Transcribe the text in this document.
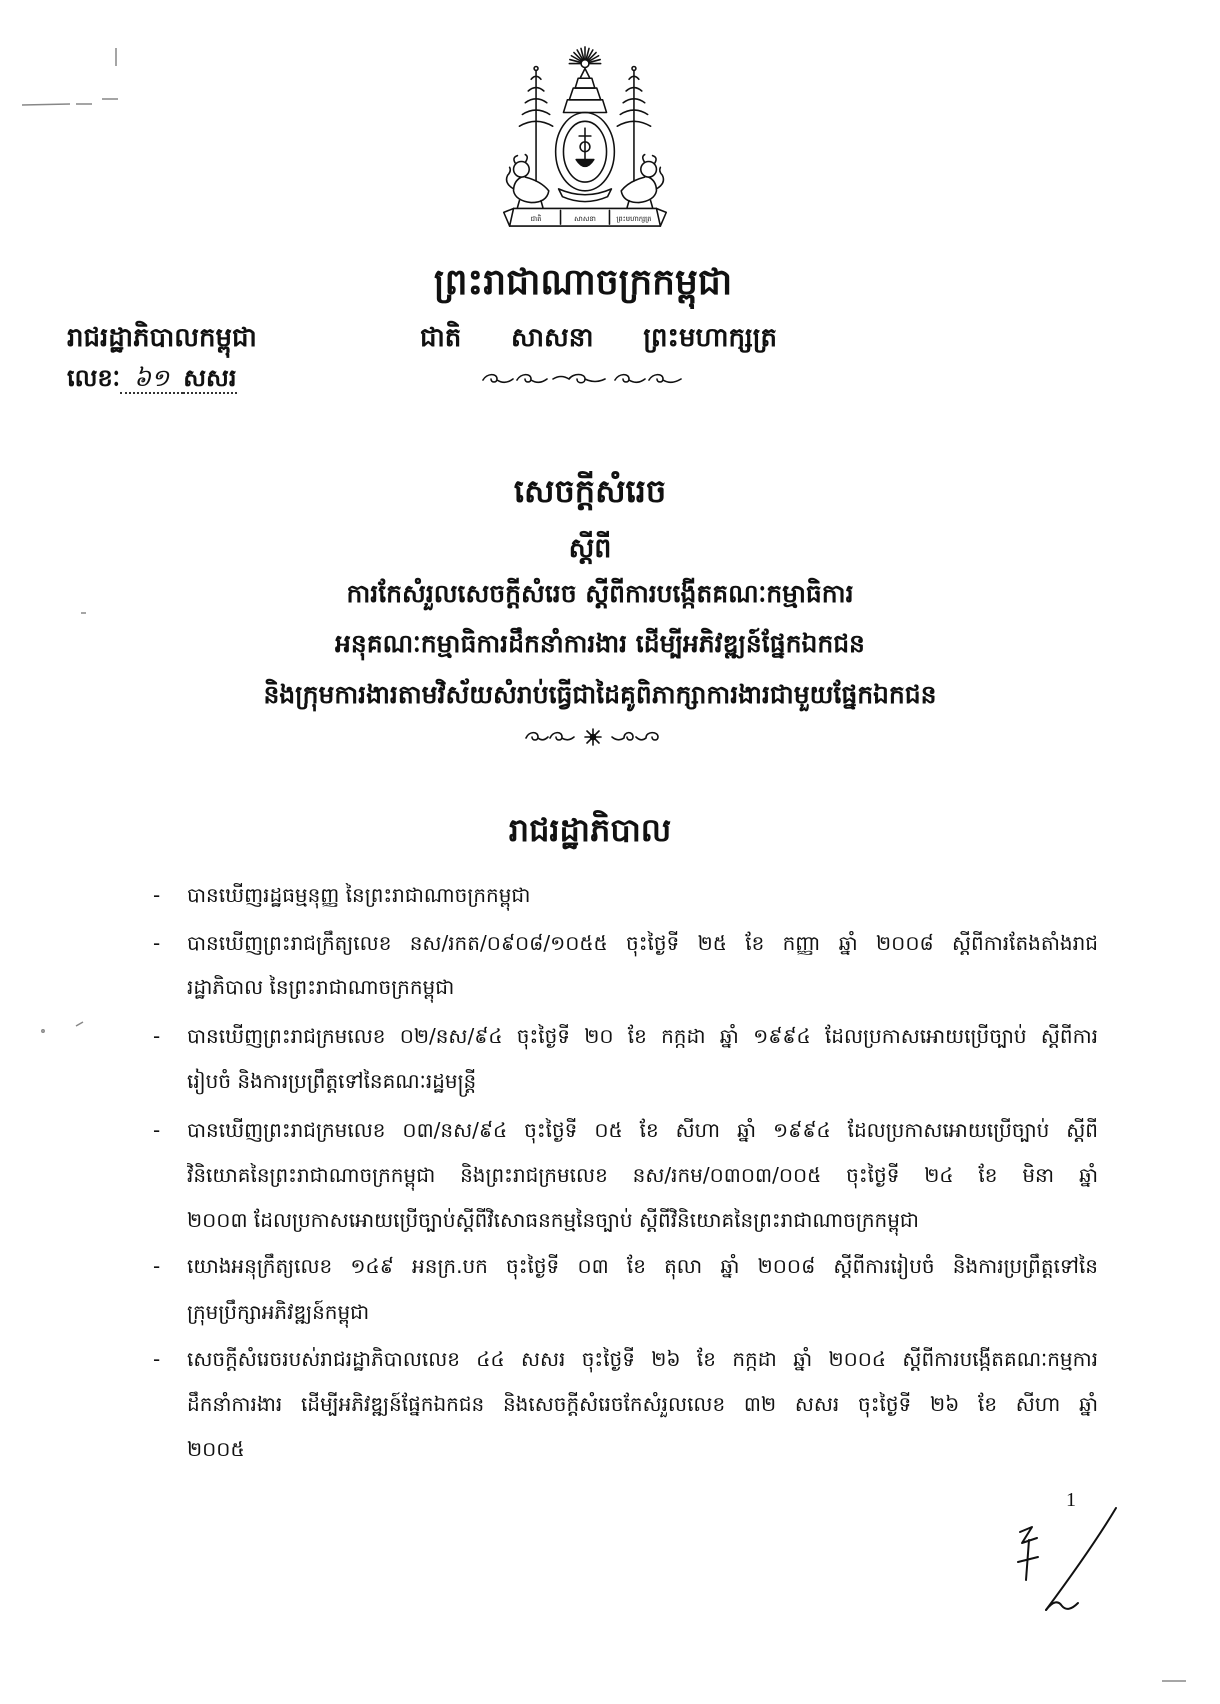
ជាតិ	សាសនា	ព្រះមហាក្សត្រ
ព្រះរាជាណាចក្រកម្ពុជា
រាជរដ្ឋាភិបាលកម្ពុជា	ជាតិ សាសនា ព្រះមហាក្សត្រ
លេខៈ ៦១ សសរ
សេចក្តីសំរេច
ស្តីពី
ការកែសំរួលសេចក្តីសំរេច ស្តីពីការបង្កើតគណៈកម្មាធិការ
អនុគណៈកម្មាធិការដឹកនាំការងារ ដើម្បីអភិវឌ្ឍន៍ផ្នែកឯកជន
និងក្រុមការងារតាមវិស័យសំរាប់ធ្វើជាដៃគូពិភាក្សាការងារជាមួយផ្នែកឯកជន
រាជរដ្ឋាភិបាល
-	បានឃើញរដ្ឋធម្មនុញ្ញ នៃព្រះរាជាណាចក្រកម្ពុជា
-	បានឃើញព្រះរាជក្រឹត្យលេខ នស/រកត/០៩០៨/១០៥៥ ចុះថ្ងៃទី ២៥ ខែ កញ្ញា ឆ្នាំ ២០០៨ ស្តីពីការតែងតាំងរាជ
រដ្ឋាភិបាល នៃព្រះរាជាណាចក្រកម្ពុជា
-	បានឃើញព្រះរាជក្រមលេខ ០២/នស/៩៤ ចុះថ្ងៃទី ២០ ខែ កក្កដា ឆ្នាំ ១៩៩៤ ដែលប្រកាសអោយប្រើច្បាប់ ស្តីពីការ
រៀបចំ និងការប្រព្រឹត្តទៅនៃគណៈរដ្ឋមន្ត្រី
-	បានឃើញព្រះរាជក្រមលេខ ០៣/នស/៩៤ ចុះថ្ងៃទី ០៥ ខែ សីហា ឆ្នាំ ១៩៩៤ ដែលប្រកាសអោយប្រើច្បាប់ ស្តីពី
វិនិយោគនៃព្រះរាជាណាចក្រកម្ពុជា និងព្រះរាជក្រមលេខ នស/រកម/០៣០៣/០០៥ ចុះថ្ងៃទី ២៤ ខែ មិនា ឆ្នាំ
២០០៣ ដែលប្រកាសអោយប្រើច្បាប់ស្តីពីវិសោធនកម្មនៃច្បាប់ ស្តីពីវិនិយោគនៃព្រះរាជាណាចក្រកម្ពុជា
-	យោងអនុក្រឹត្យលេខ ១៤៩ អនក្រ.បក ចុះថ្ងៃទី ០៣ ខែ តុលា ឆ្នាំ ២០០៨ ស្តីពីការរៀបចំ និងការប្រព្រឹត្តទៅនៃ
ក្រុមប្រឹក្សាអភិវឌ្ឍន៍កម្ពុជា
-	សេចក្តីសំរេចរបស់រាជរដ្ឋាភិបាលលេខ ៤៤ សសរ ចុះថ្ងៃទី ២៦ ខែ កក្កដា ឆ្នាំ ២០០៤ ស្តីពីការបង្កើតគណៈកម្មការ
ដឹកនាំការងារ ដើម្បីអភិវឌ្ឍន៍ផ្នែកឯកជន និងសេចក្តីសំរេចកែសំរួលលេខ ៣២ សសរ ចុះថ្ងៃទី ២៦ ខែ សីហា ឆ្នាំ
២០០៥
1
